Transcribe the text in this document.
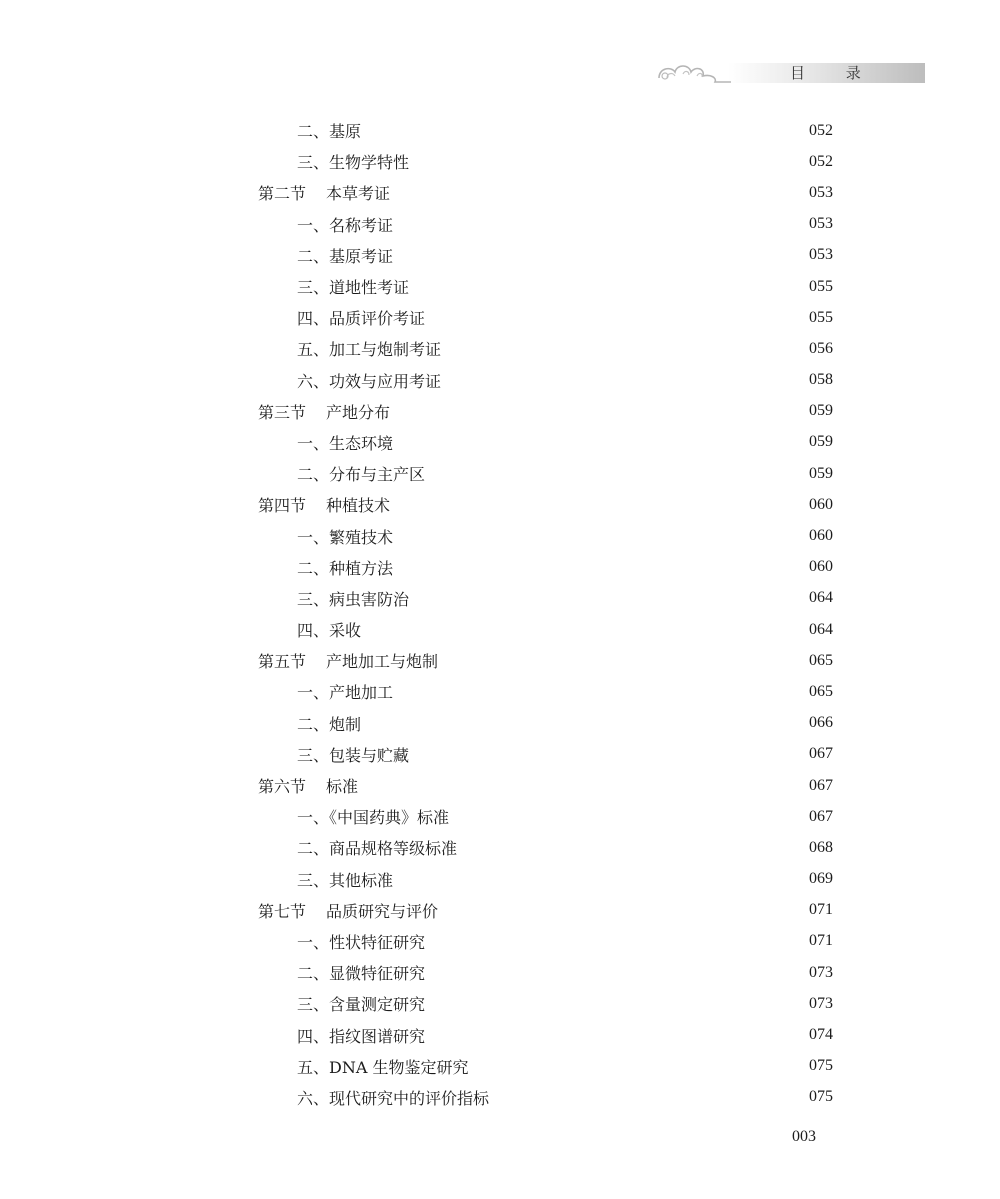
目 录
二、基原	052
三、生物学特性	052
第二节 本草考证	053
一、名称考证	053
二、基原考证	053
三、道地性考证	055
四、品质评价考证	055
五、加工与炮制考证	056
六、功效与应用考证	058
第三节 产地分布	059
一、生态环境	059
二、分布与主产区	059
第四节 种植技术	060
一、繁殖技术	060
二、种植方法	060
三、病虫害防治	064
四、采收	064
第五节 产地加工与炮制	065
一、产地加工	065
二、炮制	066
三、包装与贮藏	067
第六节 标准	067
一、《中国药典》标准	067
二、商品规格等级标准	068
三、其他标准	069
第七节 品质研究与评价	071
一、性状特征研究	071
二、显微特征研究	073
三、含量测定研究	073
四、指纹图谱研究	074
五、DNA 生物鉴定研究	075
六、现代研究中的评价指标	075
003
